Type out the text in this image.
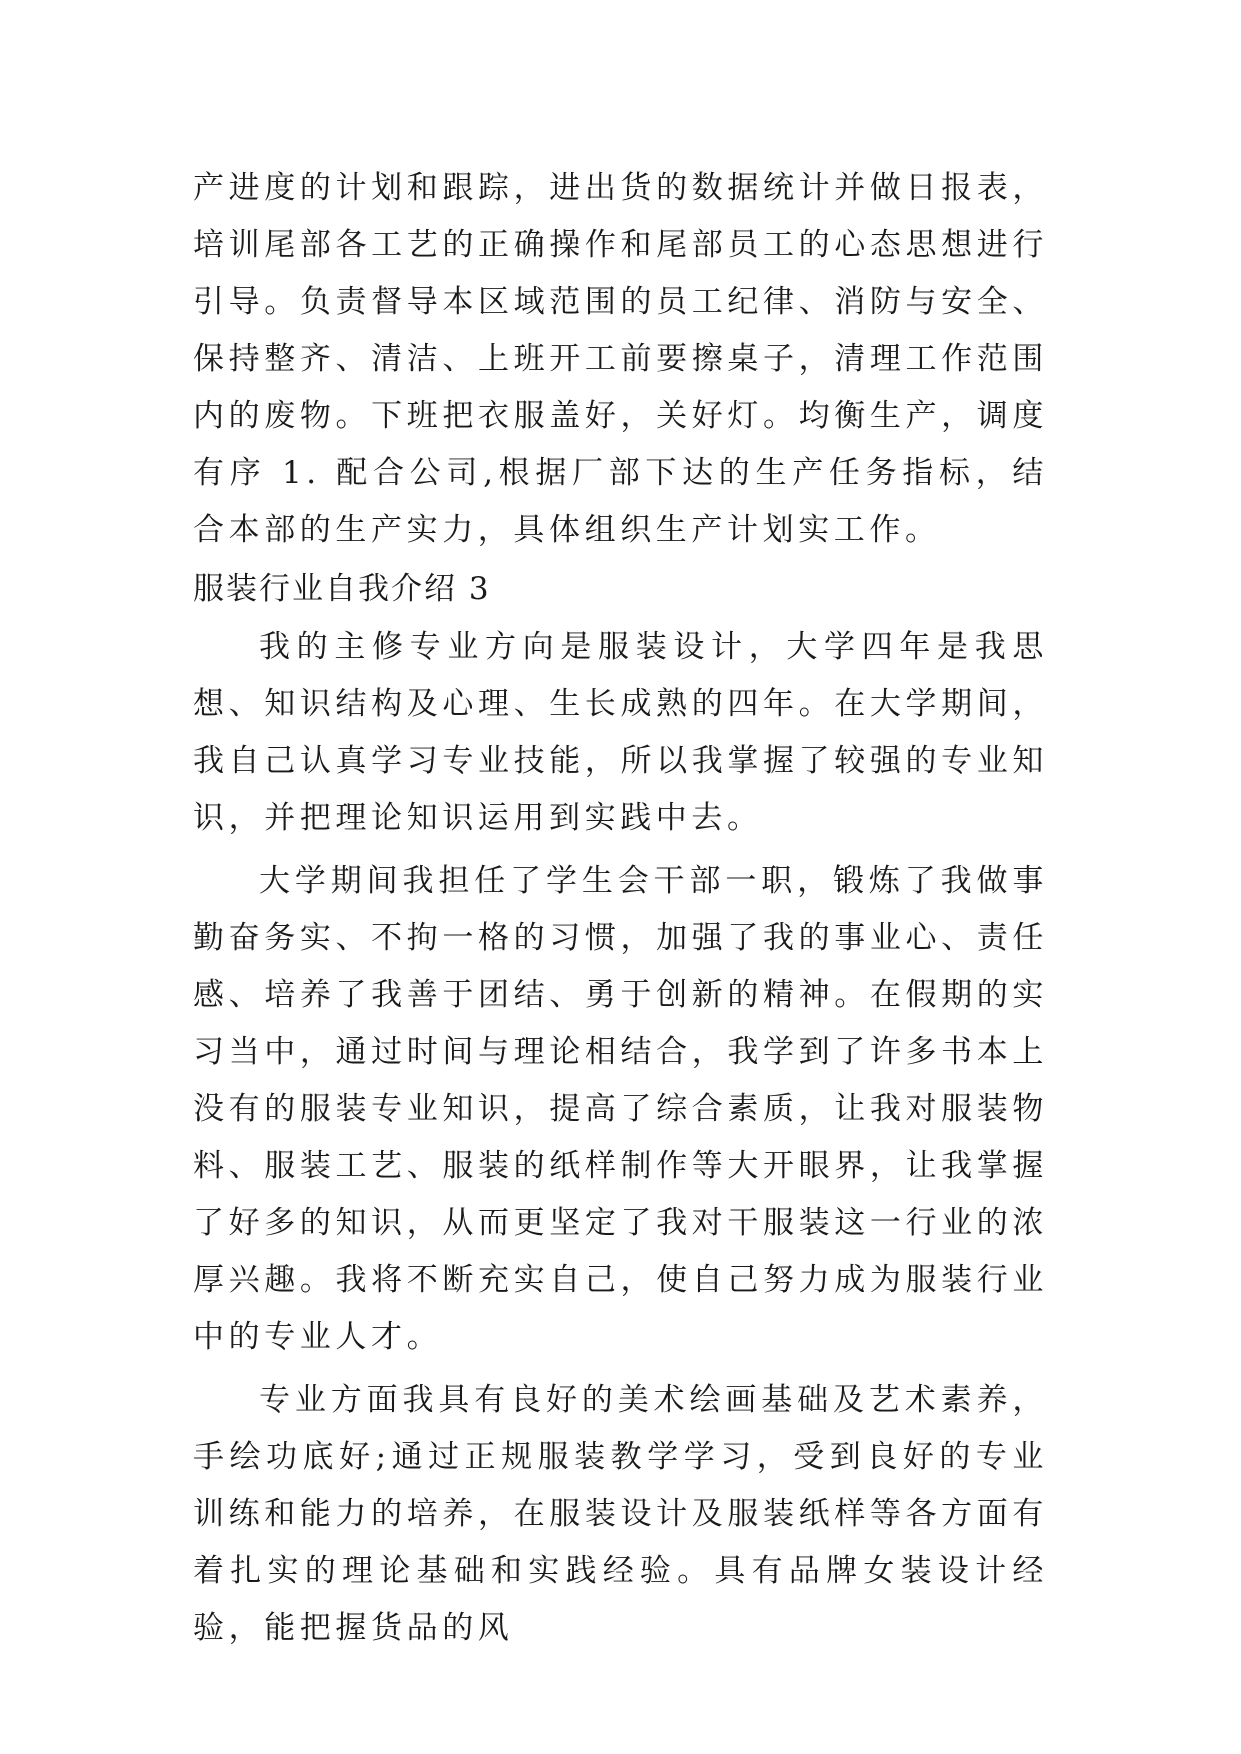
产进度的计划和跟踪，进出货的数据统计并做日报表，培训尾部各工艺的正确操作和尾部员工的心态思想进行引导。负责督导本区域范围的员工纪律、消防与安全、保持整齐、清洁、上班开工前要擦桌子，清理工作范围内的废物。下班把衣服盖好，关好灯。均衡生产，调度有序 1. 配合公司,根据厂部下达的生产任务指标，结合本部的生产实力，具体组织生产计划实工作。

服装行业自我介绍 3

我的主修专业方向是服装设计，大学四年是我思想、知识结构及心理、生长成熟的四年。在大学期间，我自己认真学习专业技能，所以我掌握了较强的专业知识，并把理论知识运用到实践中去。

大学期间我担任了学生会干部一职，锻炼了我做事勤奋务实、不拘一格的习惯，加强了我的事业心、责任感、培养了我善于团结、勇于创新的精神。在假期的实习当中，通过时间与理论相结合，我学到了许多书本上没有的服装专业知识，提高了综合素质，让我对服装物料、服装工艺、服装的纸样制作等大开眼界，让我掌握了好多的知识，从而更坚定了我对干服装这一行业的浓厚兴趣。我将不断充实自己，使自己努力成为服装行业中的专业人才。

专业方面我具有良好的美术绘画基础及艺术素养，手绘功底好;通过正规服装教学学习，受到良好的专业训练和能力的培养，在服装设计及服装纸样等各方面有着扎实的理论基础和实践经验。具有品牌女装设计经验，能把握货品的风
